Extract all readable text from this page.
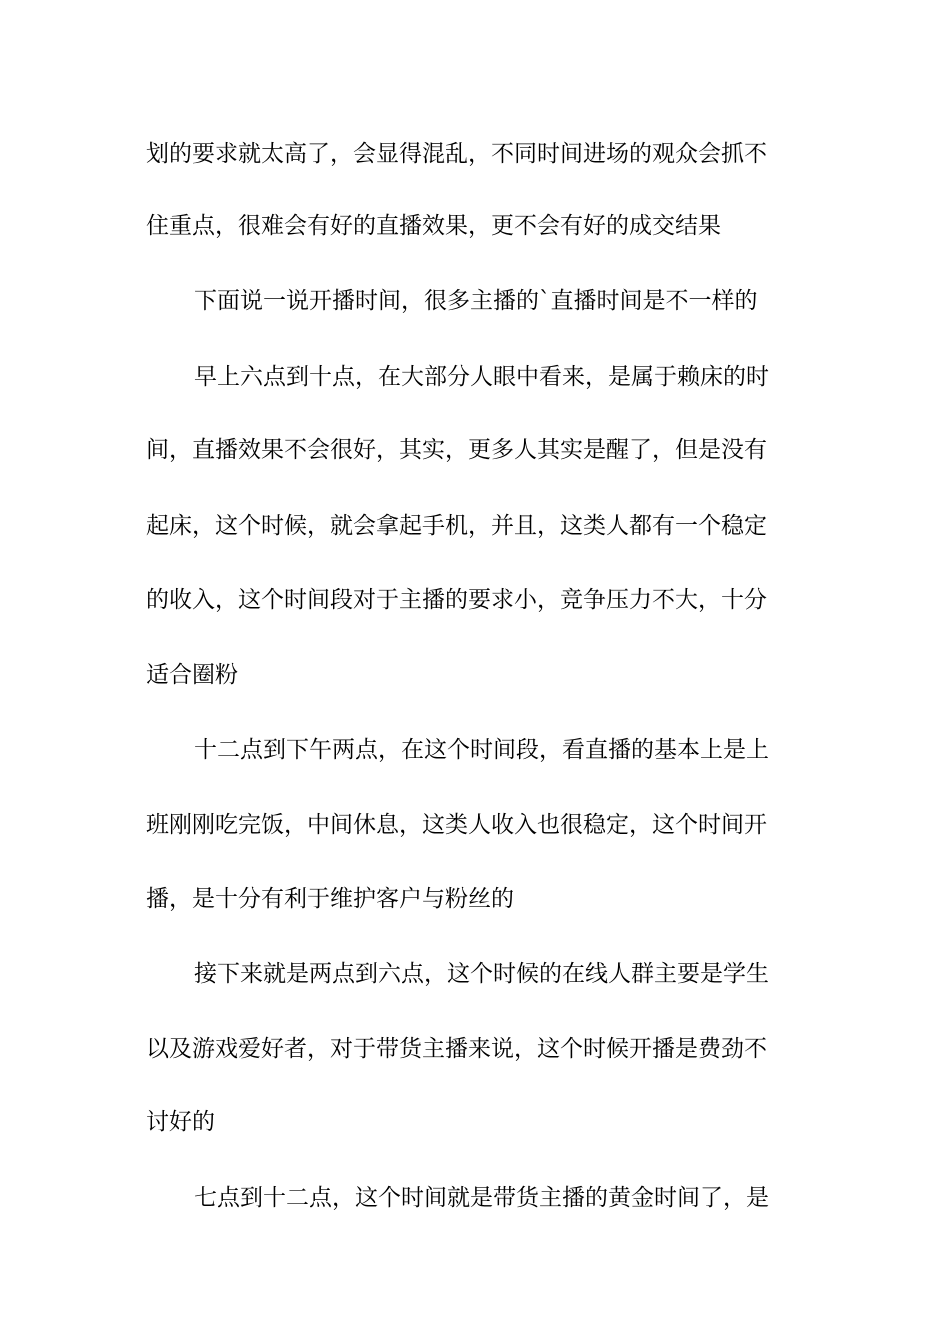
划的要求就太高了，会显得混乱，不同时间进场的观众会抓不
住重点，很难会有好的直播效果，更不会有好的成交结果
下面说一说开播时间，很多主播的`直播时间是不一样的
早上六点到十点，在大部分人眼中看来，是属于赖床的时
间，直播效果不会很好，其实，更多人其实是醒了，但是没有
起床，这个时候，就会拿起手机，并且，这类人都有一个稳定
的收入，这个时间段对于主播的要求小，竞争压力不大，十分
适合圈粉
十二点到下午两点，在这个时间段，看直播的基本上是上
班刚刚吃完饭，中间休息，这类人收入也很稳定，这个时间开
播，是十分有利于维护客户与粉丝的
接下来就是两点到六点，这个时候的在线人群主要是学生
以及游戏爱好者，对于带货主播来说，这个时候开播是费劲不
讨好的
七点到十二点，这个时间就是带货主播的黄金时间了，是
